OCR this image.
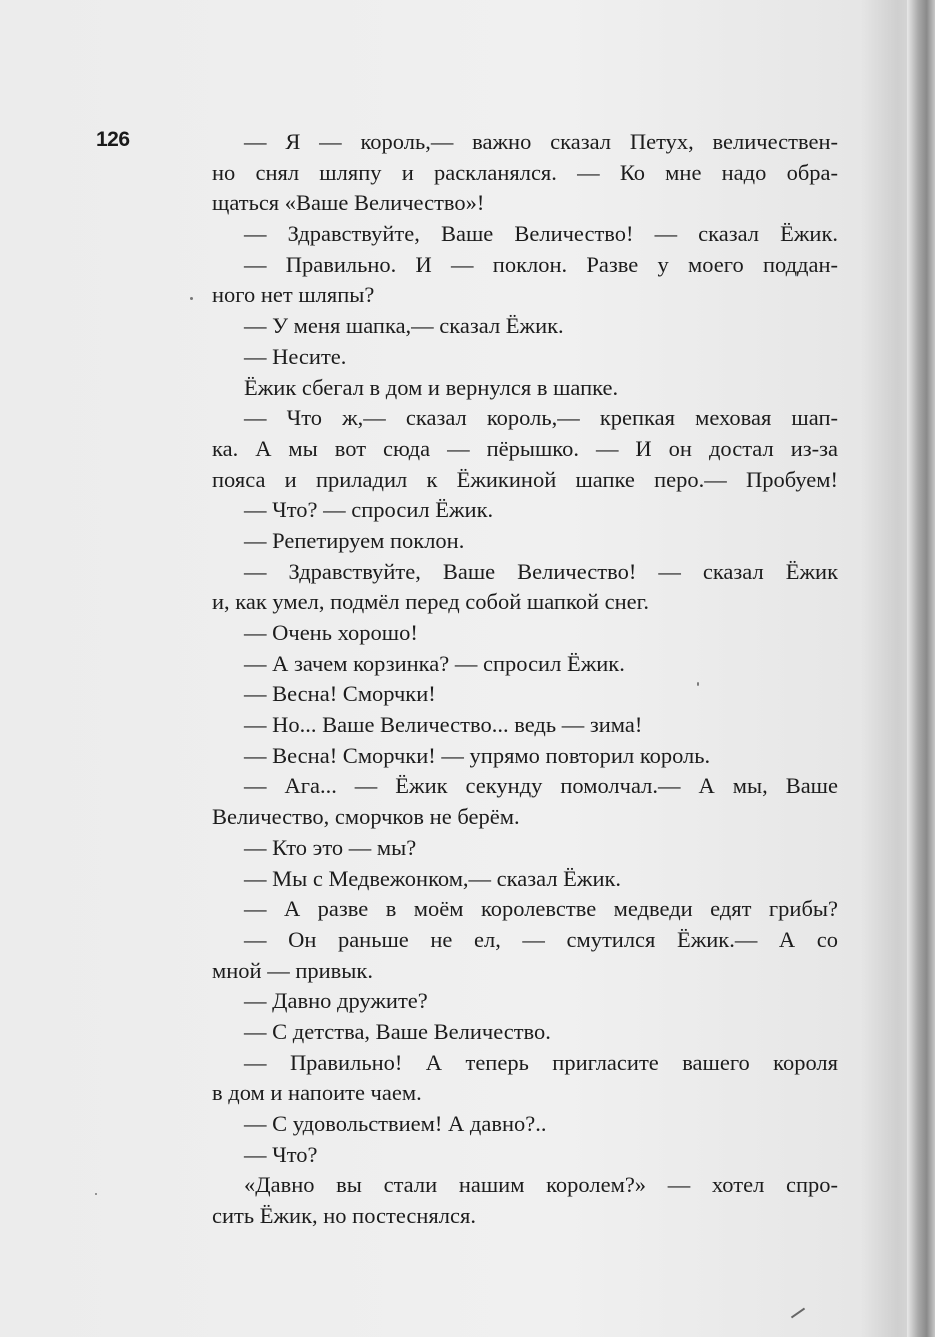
126	— Я — король,— важно сказал Петух, величествен-
но снял шляпу и раскланялся. — Ко мне надо обра-
щаться «Ваше Величество»!
— Здравствуйте, Ваше Величество! — сказал Ёжик.
— Правильно. И — поклон. Разве у моего поддан-
ного нет шляпы?
— У меня шапка,— сказал Ёжик.
— Несите.
Ёжик сбегал в дом и вернулся в шапке.
— Что ж,— сказал король,— крепкая меховая шап-
ка. А мы вот сюда — пёрышко. — И он достал из-за
пояса и приладил к Ёжикиной шапке перо.— Пробуем!
— Что? — спросил Ёжик.
— Репетируем поклон.
— Здравствуйте, Ваше Величество! — сказал Ёжик
и, как умел, подмёл перед собой шапкой снег.
— Очень хорошо!
— А зачем корзинка? — спросил Ёжик.
— Весна! Сморчки!
— Но... Ваше Величество... ведь — зима!
— Весна! Сморчки! — упрямо повторил король.
— Ага... — Ёжик секунду помолчал.— А мы, Ваше
Величество, сморчков не берём.
— Кто это — мы?
— Мы с Медвежонком,— сказал Ёжик.
— А разве в моём королевстве медведи едят грибы?
— Он раньше не ел, — смутился Ёжик.— А со
мной — привык.
— Давно дружите?
— С детства, Ваше Величество.
— Правильно! А теперь пригласите вашего короля
в дом и напоите чаем.
— С удовольствием! А давно?..
— Что?
«Давно вы стали нашим королем?» — хотел спро-
сить Ёжик, но постеснялся.
